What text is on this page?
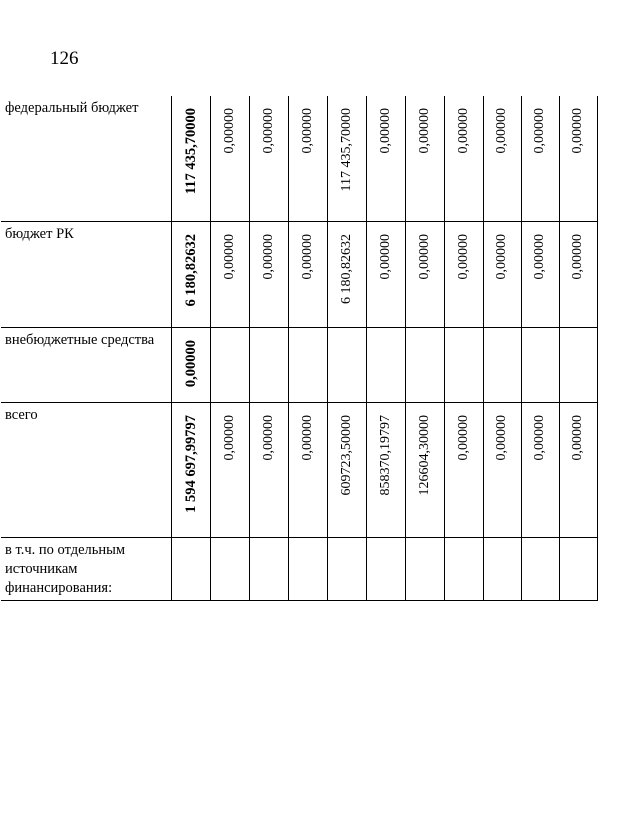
126
федеральный бюджет	117 435,70000	0,00000	0,00000	0,00000	117 435,70000	0,00000	0,00000	0,00000	0,00000	0,00000	0,00000

бюджет РК	6 180,82632	0,00000	0,00000	0,00000	6 180,82632	0,00000	0,00000	0,00000	0,00000	0,00000	0,00000

внебюджетные средства	0,00000										

всего	1 594 697,99797	0,00000	0,00000	0,00000	609723,50000	858370,19797	126604,30000	0,00000	0,00000	0,00000	0,00000

в т.ч. по отдельным источникам финансирования:											
